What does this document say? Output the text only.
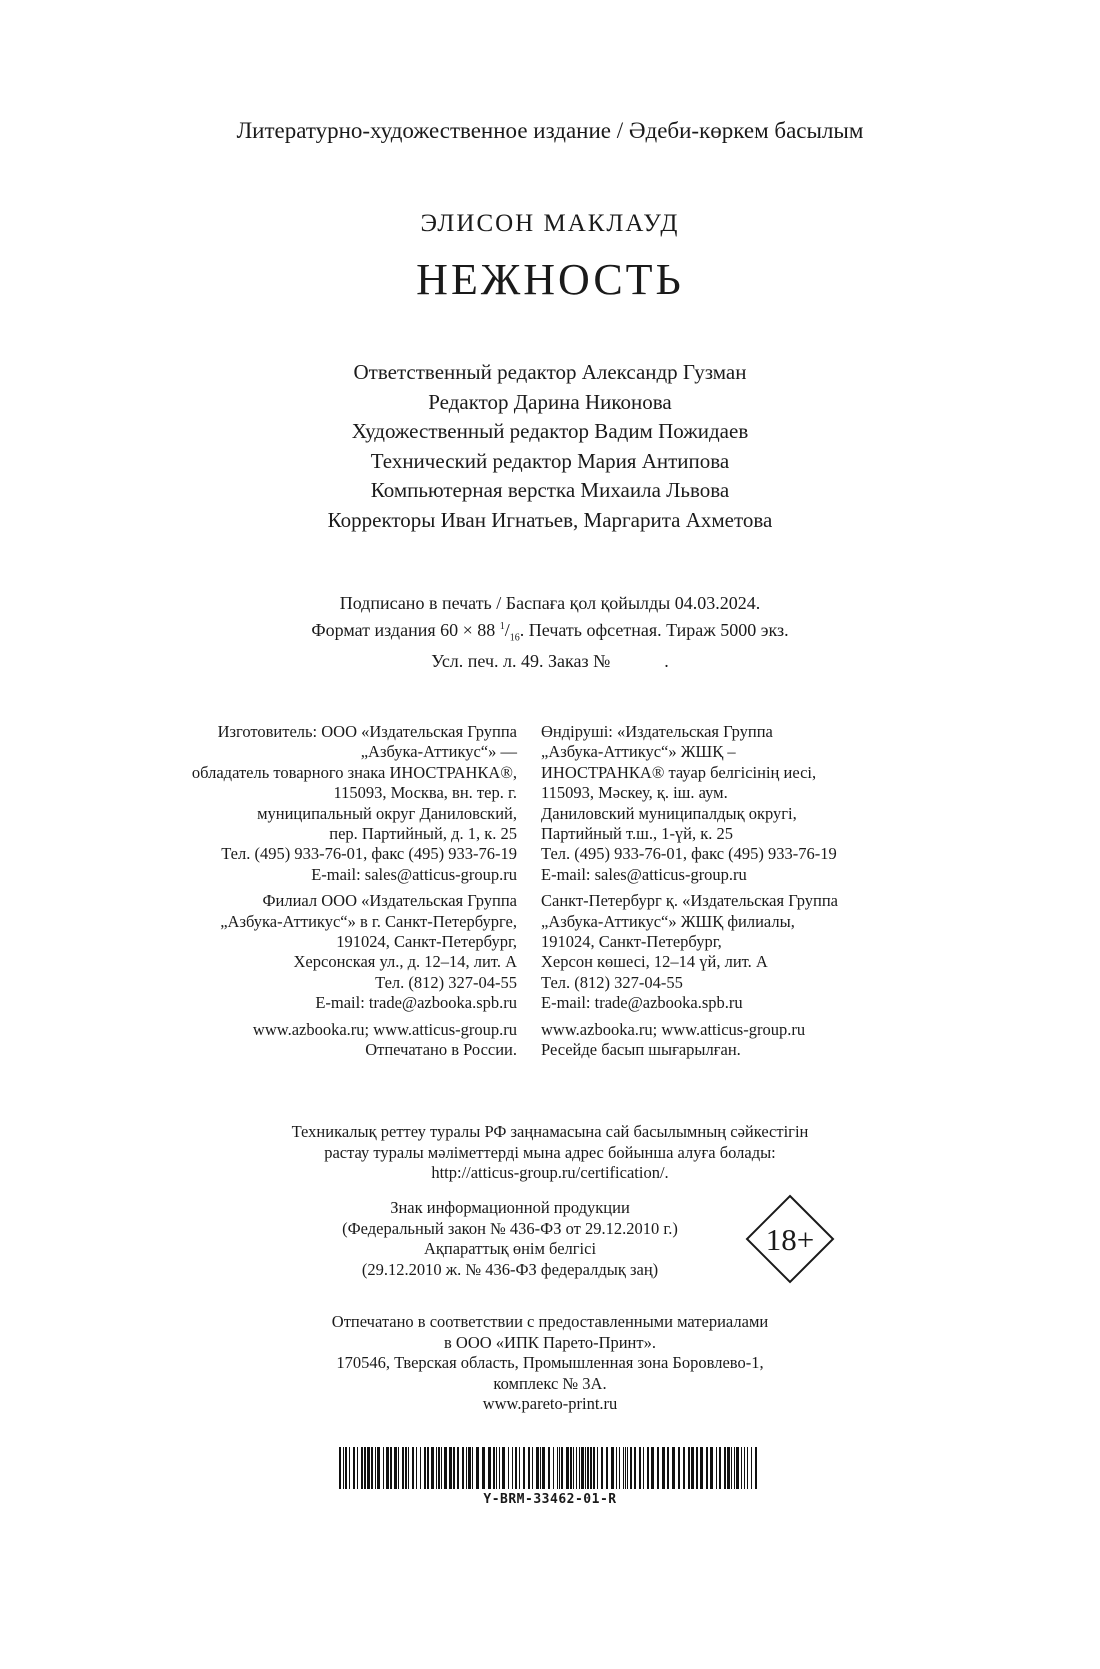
Литературно-художественное издание / Әдеби-көркем басылым
ЭЛИСОН МАКЛАУД
НЕЖНОСТЬ
Ответственный редактор Александр Гузман
Редактор Дарина Никонова
Художественный редактор Вадим Пожидаев
Технический редактор Мария Антипова
Компьютерная верстка Михаила Львова
Корректоры Иван Игнатьев, Маргарита Ахметова
Подписано в печать / Баспаға қол қойылды 04.03.2024.
Формат издания 60 × 88 $^1/_{16}$. Печать офсетная. Тираж 5000 экз.
Усл. печ. л. 49. Заказ №            .
Изготовитель: ООО «Издательская Группа
„Азбука-Аттикус“» —
обладатель товарного знака ИНОСТРАНКА®,
115093, Москва, вн. тер. г.
муниципальный округ Даниловский,
пер. Партийный, д. 1, к. 25
Тел. (495) 933-76-01, факс (495) 933-76-19
E-mail: sales@atticus-group.ru
Филиал ООО «Издательская Группа
„Азбука-Аттикус“» в г. Санкт-Петербурге,
191024, Санкт-Петербург,
Херсонская ул., д. 12–14, лит. А
Тел. (812) 327-04-55
E-mail: trade@azbooka.spb.ru
www.azbooka.ru; www.atticus-group.ru
Отпечатано в России.
Өндіруші: «Издательская Группа
„Азбука-Аттикус“» ЖШҚ –
ИНОСТРАНКА® тауар белгісінің иесі,
115093, Мәскеу, қ. іш. аум.
Даниловский муниципалдық округі,
Партийный т.ш., 1-үй, к. 25
Тел. (495) 933-76-01, факс (495) 933-76-19
E-mail: sales@atticus-group.ru
Санкт-Петербург қ. «Издательская Группа
„Азбука-Аттикус“» ЖШҚ филиалы,
191024, Санкт-Петербург,
Херсон көшесі, 12–14 үй, лит. А
Тел. (812) 327-04-55
E-mail: trade@azbooka.spb.ru
www.azbooka.ru; www.atticus-group.ru
Ресейде басып шығарылған.
Техникалық реттеу туралы РФ заңнамасына сай басылымның сәйкестігін
растау туралы мәліметтерді мына адрес бойынша алуға болады:
http://atticus-group.ru/certification/.
Знак информационной продукции
(Федеральный закон № 436-ФЗ от 29.12.2010 г.)
Ақпараттық өнім белгісі
(29.12.2010 ж. № 436-ФЗ федералдық заң)
18+
Отпечатано в соответствии с предоставленными материалами
в ООО «ИПК Парето-Принт».
170546, Тверская область, Промышленная зона Боровлево-1,
комплекс № 3А.
www.pareto-print.ru
Y-BRM-33462-01-R
